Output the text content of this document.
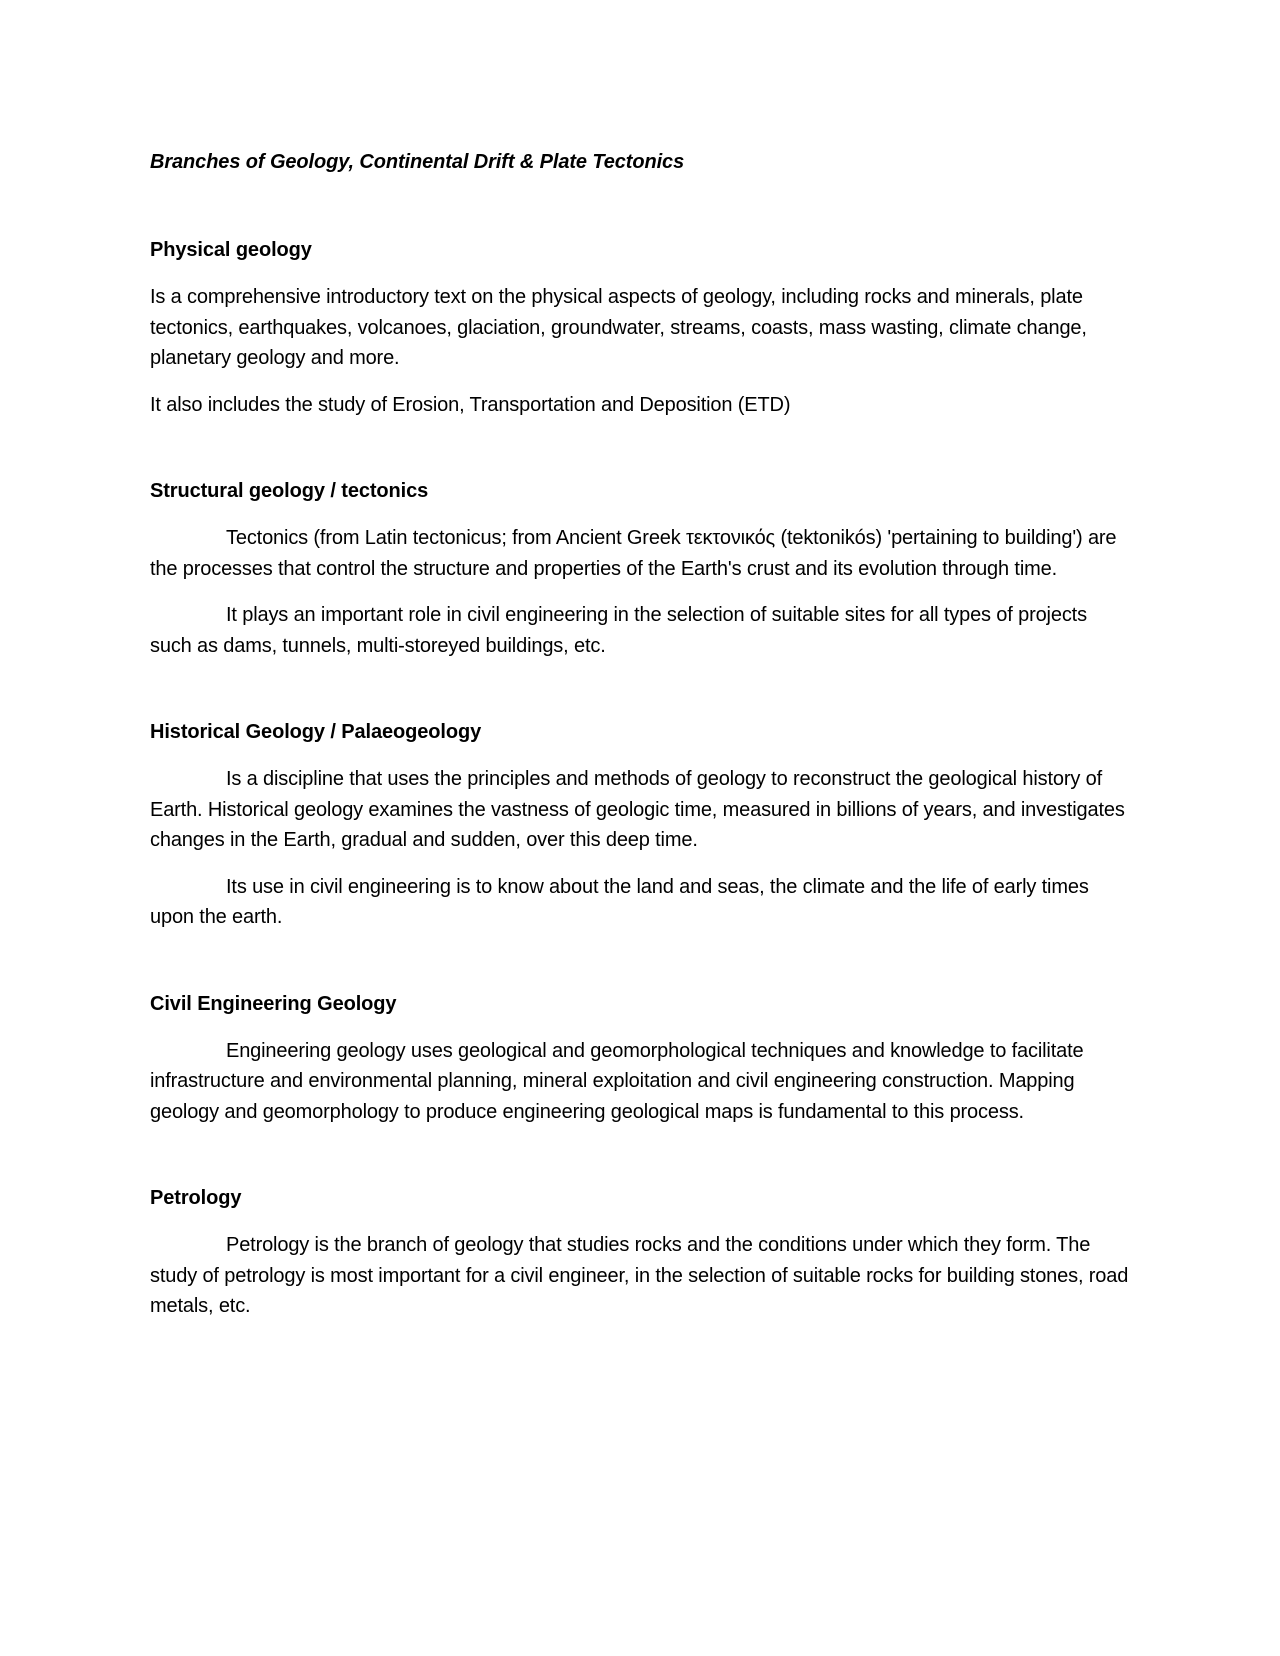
Branches of Geology, Continental Drift & Plate Tectonics
Physical geology

Is a comprehensive introductory text on the physical aspects of geology, including rocks and minerals, plate tectonics, earthquakes, volcanoes, glaciation, groundwater, streams, coasts, mass wasting, climate change, planetary geology and more.

It also includes the study of Erosion, Transportation and Deposition (ETD)

Structural geology / tectonics

Tectonics (from Latin tectonicus; from Ancient Greek τεκτονικός (tektonikós) 'pertaining to building') are the processes that control the structure and properties of the Earth's crust and its evolution through time.

It plays an important role in civil engineering in the selection of suitable sites for all types of projects such as dams, tunnels, multi-storeyed buildings, etc.

Historical Geology / Palaeogeology

Is a discipline that uses the principles and methods of geology to reconstruct the geological history of Earth. Historical geology examines the vastness of geologic time, measured in billions of years, and investigates changes in the Earth, gradual and sudden, over this deep time.

Its use in civil engineering is to know about the land and seas, the climate and the life of early times upon the earth.

Civil Engineering Geology

Engineering geology uses geological and geomorphological techniques and knowledge to facilitate infrastructure and environmental planning, mineral exploitation and civil engineering construction. Mapping geology and geomorphology to produce engineering geological maps is fundamental to this process.

Petrology

Petrology is the branch of geology that studies rocks and the conditions under which they form. The study of petrology is most important for a civil engineer, in the selection of suitable rocks for building stones, road metals, etc.
